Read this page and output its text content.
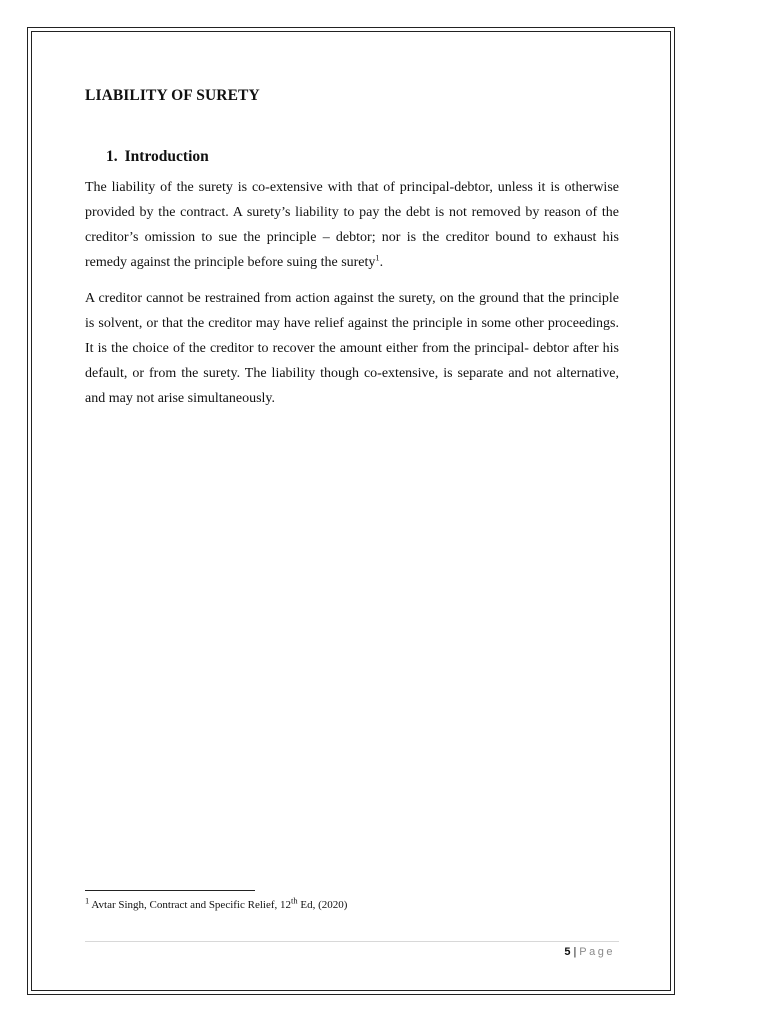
LIABILITY OF SURETY
1. Introduction

The liability of the surety is co-extensive with that of principal-debtor, unless it is otherwise provided by the contract. A surety’s liability to pay the debt is not removed by reason of the creditor’s omission to sue the principle – debtor; nor is the creditor bound to exhaust his remedy against the principle before suing the surety$^1$.

A creditor cannot be restrained from action against the surety, on the ground that the principle is solvent, or that the creditor may have relief against the principle in some other proceedings. It is the choice of the creditor to recover the amount either from the principal- debtor after his default, or from the surety. The liability though co-extensive, is separate and not alternative, and may not arise simultaneously.

$^1$ Avtar Singh, Contract and Specific Relief, 12th Ed, (2020)
5 | Page
